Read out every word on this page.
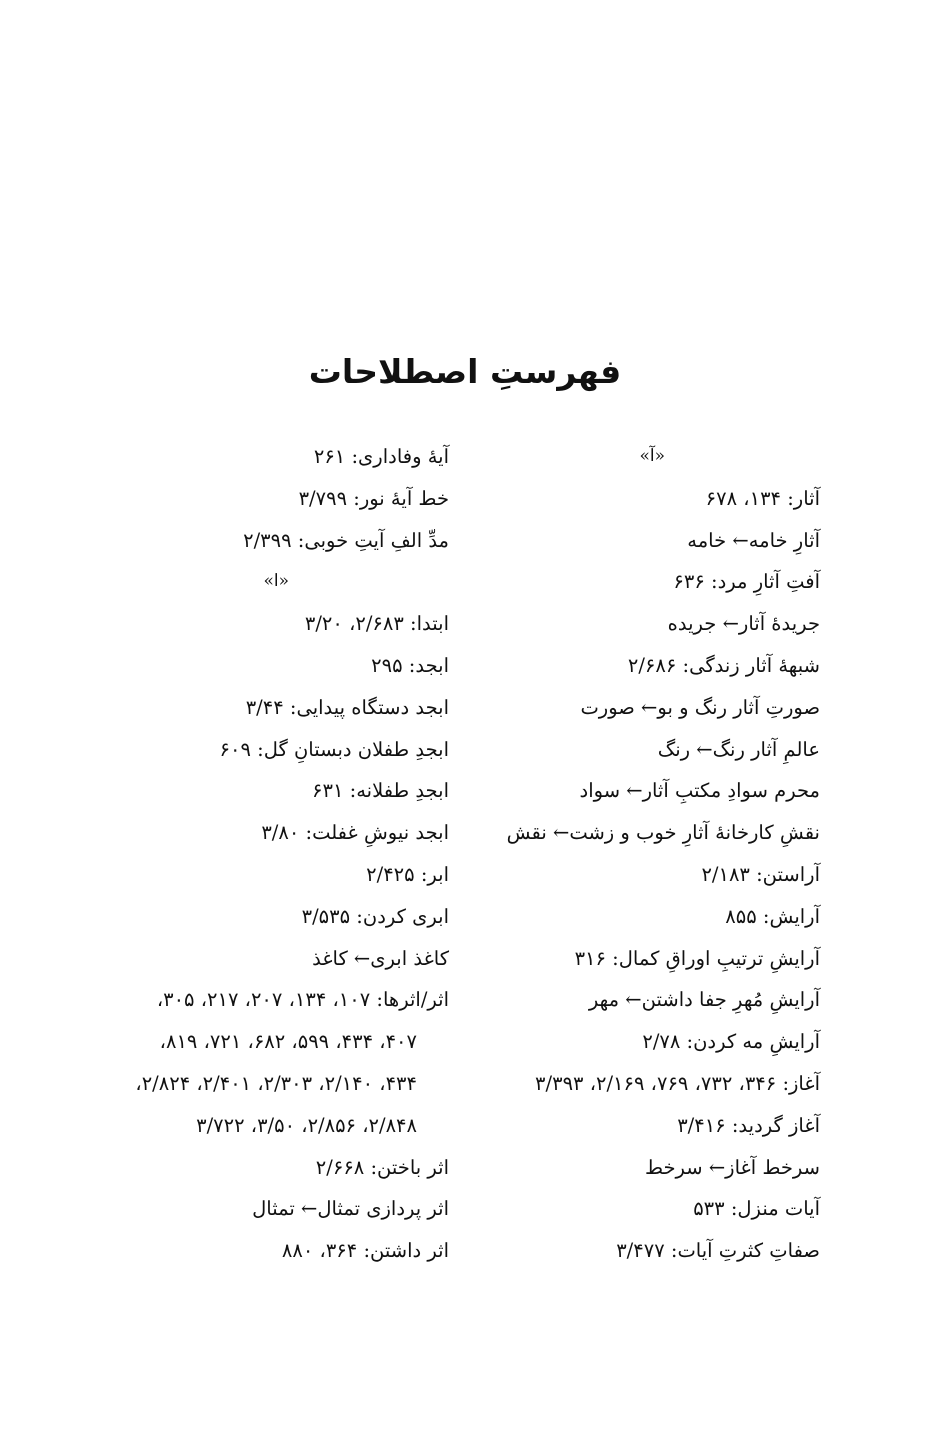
فهرستِ اصطلاحات
«آ»
آثار: ۱۳۴، ۶۷۸
آثارِ خامه← خامه
آفتِ آثارِ مرد: ۶۳۶
جریدۀ آثار← جریده
شبهۀ آثار زندگی: ۲/۶۸۶
صورتِ آثار رنگ و بو← صورت
عالمِ آثار رنگ← رنگ
محرم سوادِ مکتبِ آثار← سواد
نقشِ کارخانۀ آثارِ خوب و زشت← نقش
آراستن: ۲/۱۸۳
آرایش: ۸۵۵
آرایشِ ترتیبِ اوراقِ کمال: ۳۱۶
آرایشِ مُهرِ جفا داشتن← مهر
آرایشِ مه کردن: ۲/۷۸
آغاز: ۳۴۶، ۷۳۲، ۷۶۹، ۲/۱۶۹، ۳/۳۹۳
آغاز گردید: ۳/۴۱۶
سرخط آغاز← سرخط
آیات منزل: ۵۳۳
صفاتِ کثرتِ آیات: ۳/۴۷۷
آیۀ وفاداری: ۲۶۱
خط آیۀ نور: ۳/۷۹۹
مدِّ الفِ آیتِ خوبی: ۲/۳۹۹
«ا»
ابتدا: ۲/۶۸۳، ۳/۲۰
ابجد: ۲۹۵
ابجد دستگاه پیدایی: ۳/۴۴
ابجدِ طفلان دبستانِ گل: ۶۰۹
ابجدِ طفلانه: ۶۳۱
ابجد نیوشِ غفلت: ۳/۸۰
ابر: ۲/۴۲۵
ابری کردن: ۳/۵۳۵
کاغذ ابری← کاغذ
اثر/اثرها: ۱۰۷، ۱۳۴، ۲۰۷، ۲۱۷، ۳۰۵،
۴۰۷، ۴۳۴، ۵۹۹، ۶۸۲، ۷۲۱، ۸۱۹،
۴۳۴، ۲/۱۴۰، ۲/۳۰۳، ۲/۴۰۱، ۲/۸۲۴،
۲/۸۴۸، ۲/۸۵۶، ۳/۵۰، ۳/۷۲۲
اثر باختن: ۲/۶۶۸
اثر پردازی تمثال← تمثال
اثر داشتن: ۳۶۴، ۸۸۰
